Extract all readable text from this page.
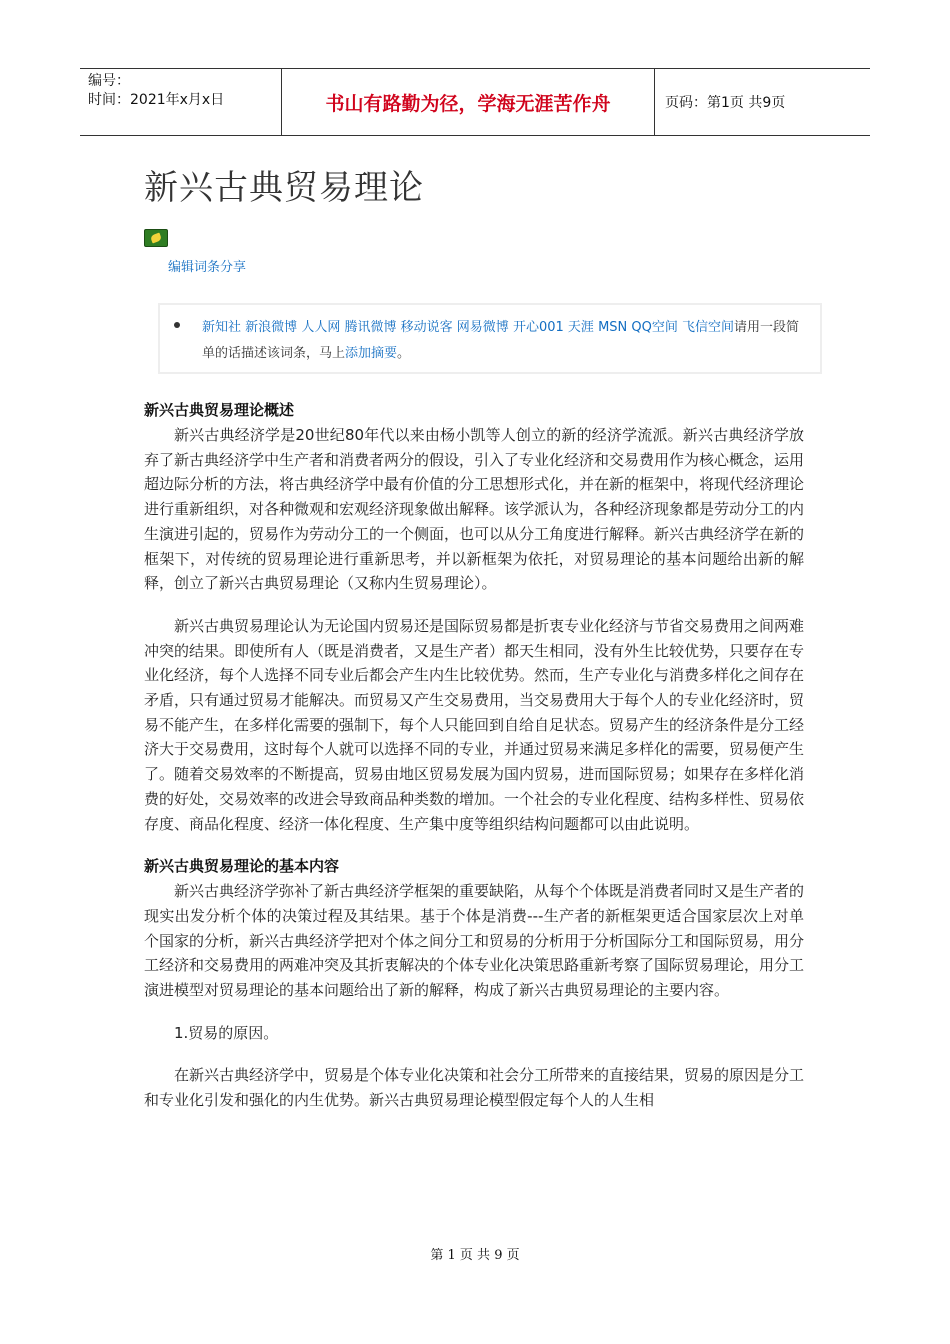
编号：
时间：2021年x月x日	书山有路勤为径，学海无涯苦作舟	页码：第1页 共9页
新兴古典贸易理论
编辑词条分享
新知社 新浪微博 人人网 腾讯微博 移动说客 网易微博 开心001 天涯 MSN QQ空间 飞信空间请用一段简单的话描述该词条，马上添加摘要。
新兴古典贸易理论概述

新兴古典经济学是20世纪80年代以来由杨小凯等人创立的新的经济学流派。新兴古典经济学放弃了新古典经济学中生产者和消费者两分的假设，引入了专业化经济和交易费用作为核心概念，运用超边际分析的方法，将古典经济学中最有价值的分工思想形式化，并在新的框架中，将现代经济理论进行重新组织，对各种微观和宏观经济现象做出解释。该学派认为，各种经济现象都是劳动分工的内生演进引起的，贸易作为劳动分工的一个侧面，也可以从分工角度进行解释。新兴古典经济学在新的框架下，对传统的贸易理论进行重新思考，并以新框架为依托，对贸易理论的基本问题给出新的解释，创立了新兴古典贸易理论（又称内生贸易理论）。

新兴古典贸易理论认为无论国内贸易还是国际贸易都是折衷专业化经济与节省交易费用之间两难冲突的结果。即使所有人（既是消费者，又是生产者）都天生相同，没有外生比较优势，只要存在专业化经济，每个人选择不同专业后都会产生内生比较优势。然而，生产专业化与消费多样化之间存在矛盾，只有通过贸易才能解决。而贸易又产生交易费用，当交易费用大于每个人的专业化经济时，贸易不能产生，在多样化需要的强制下，每个人只能回到自给自足状态。贸易产生的经济条件是分工经济大于交易费用，这时每个人就可以选择不同的专业，并通过贸易来满足多样化的需要，贸易便产生了。随着交易效率的不断提高，贸易由地区贸易发展为国内贸易，进而国际贸易；如果存在多样化消费的好处，交易效率的改进会导致商品种类数的增加。一个社会的专业化程度、结构多样性、贸易依存度、商品化程度、经济一体化程度、生产集中度等组织结构问题都可以由此说明。

新兴古典贸易理论的基本内容

新兴古典经济学弥补了新古典经济学框架的重要缺陷，从每个个体既是消费者同时又是生产者的现实出发分析个体的决策过程及其结果。基于个体是消费---生产者的新框架更适合国家层次上对单个国家的分析，新兴古典经济学把对个体之间分工和贸易的分析用于分析国际分工和国际贸易，用分工经济和交易费用的两难冲突及其折衷解决的个体专业化决策思路重新考察了国际贸易理论，用分工演进模型对贸易理论的基本问题给出了新的解释，构成了新兴古典贸易理论的主要内容。

1.贸易的原因。

在新兴古典经济学中，贸易是个体专业化决策和社会分工所带来的直接结果，贸易的原因是分工和专业化引发和强化的内生优势。新兴古典贸易理论模型假定每个人的人生相

第 1 页 共 9 页
